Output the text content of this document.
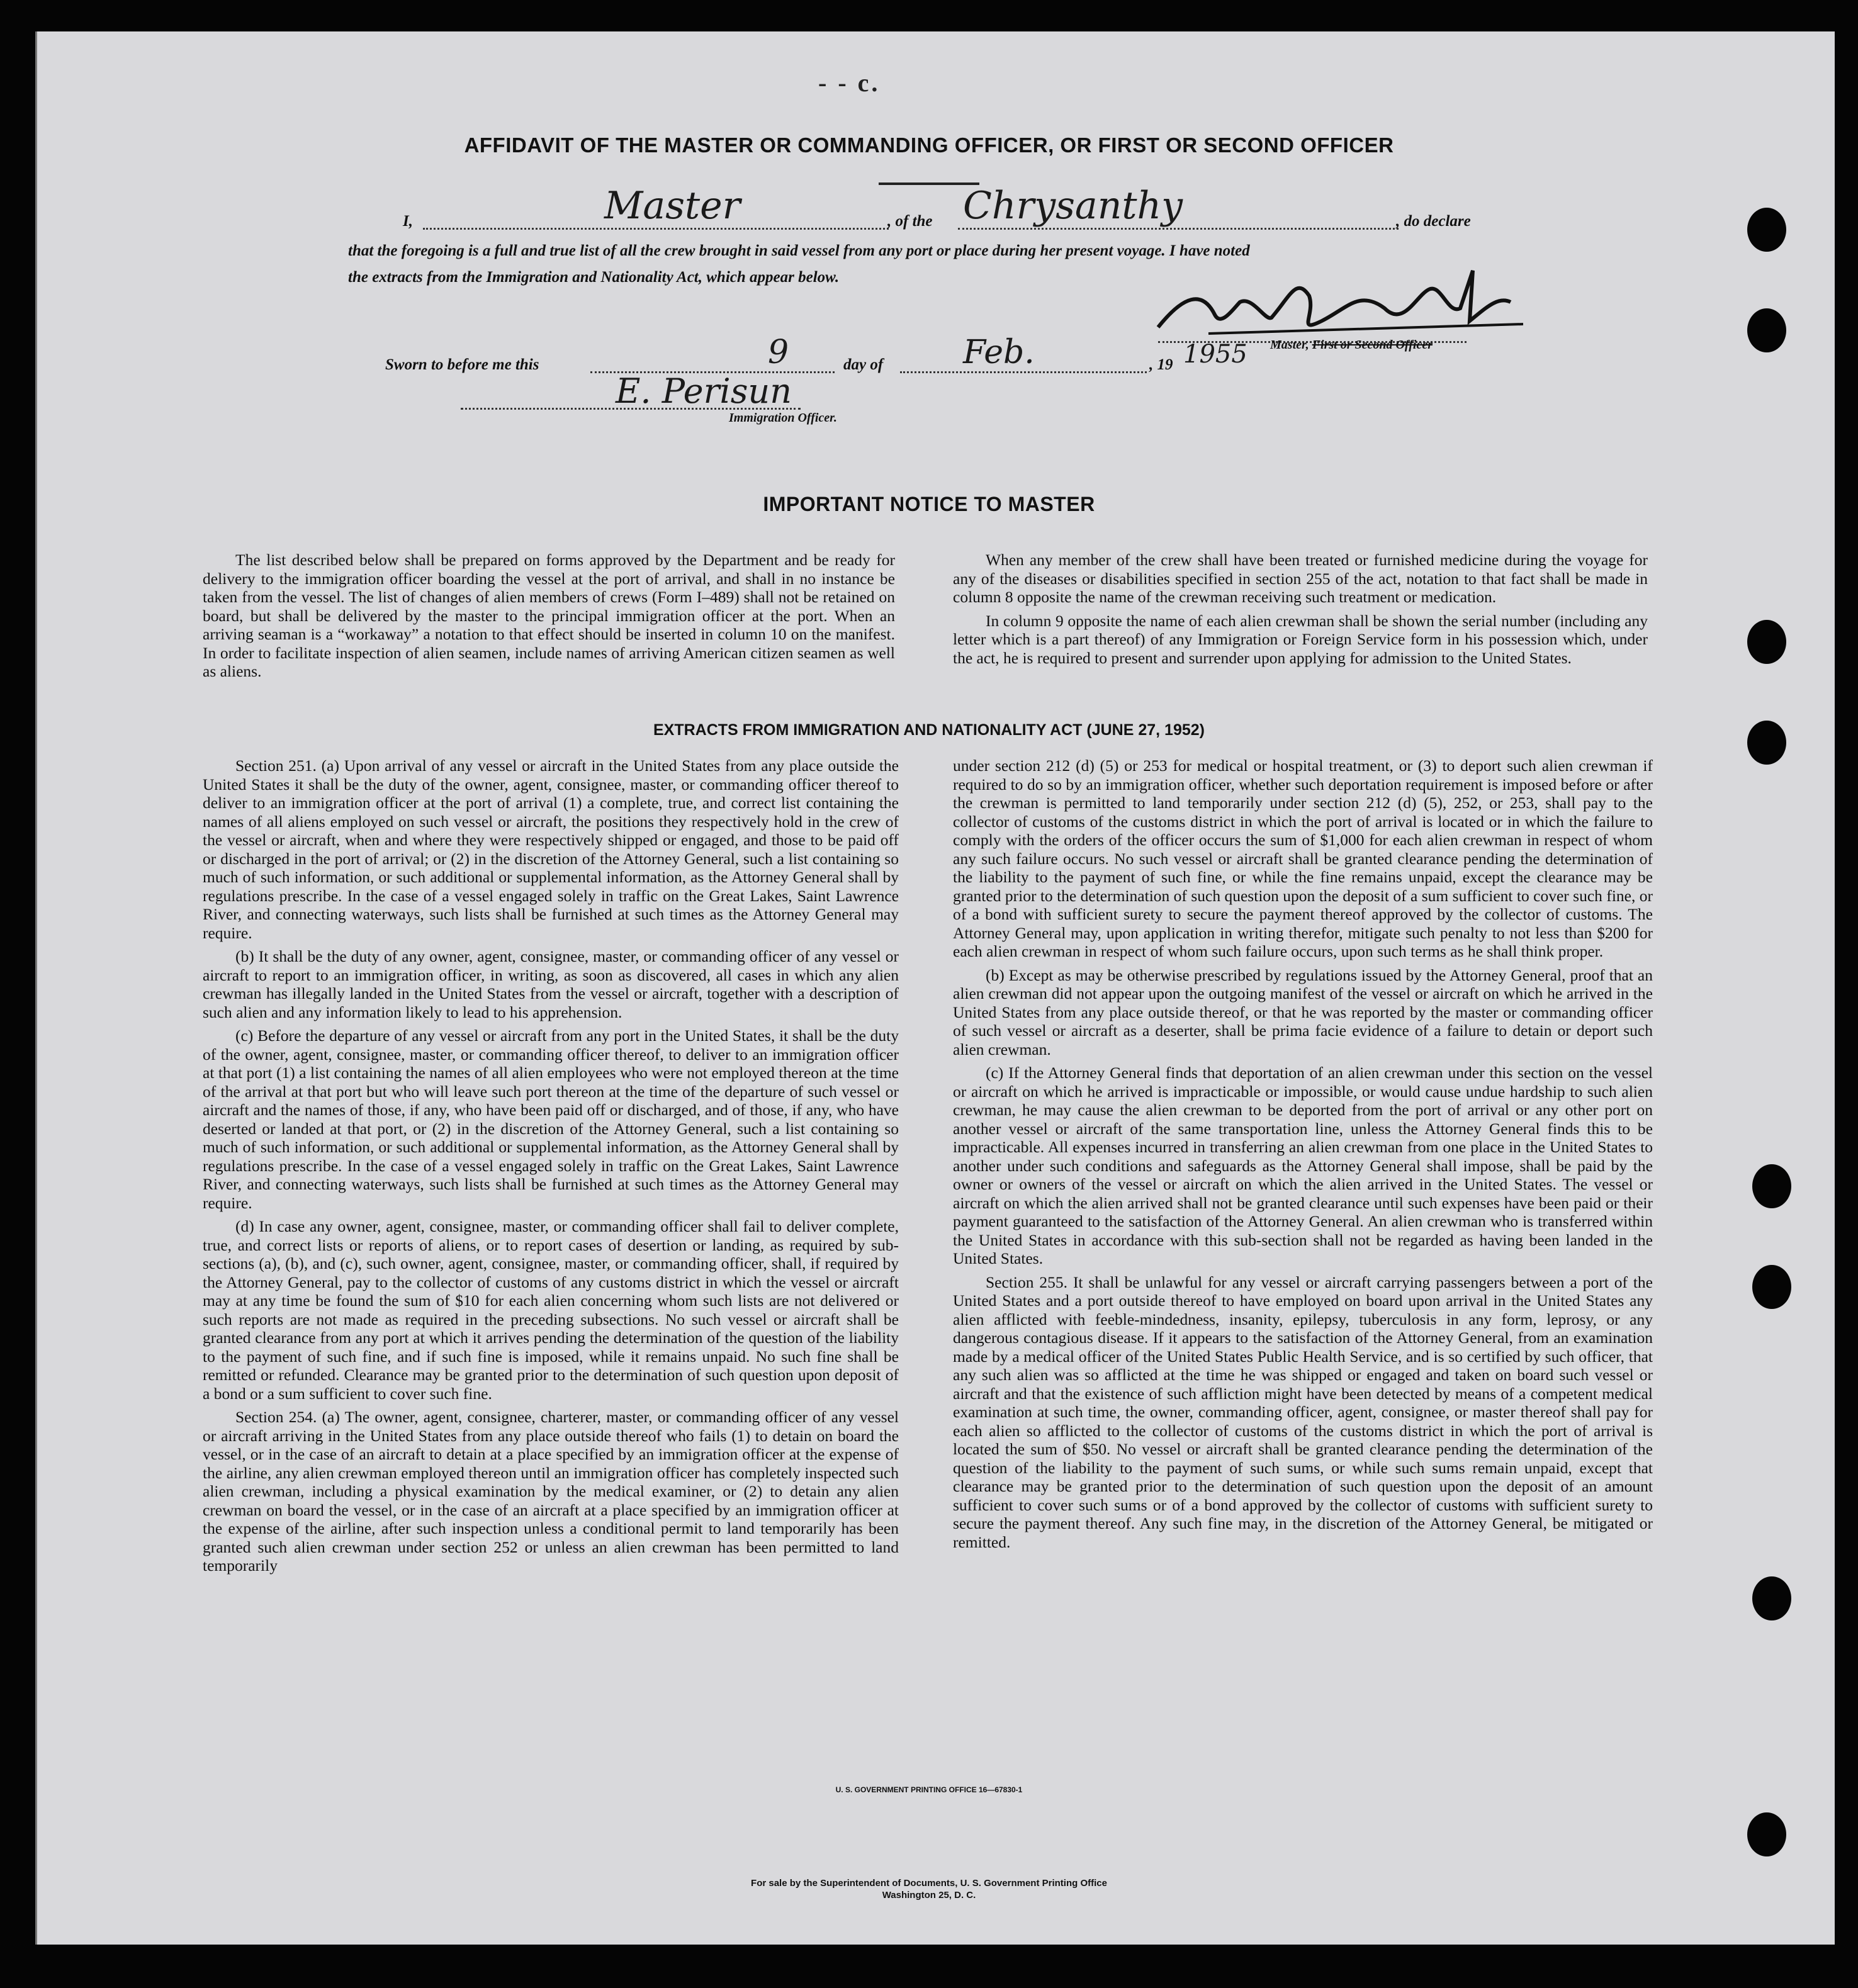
- - c.
AFFIDAVIT OF THE MASTER OR COMMANDING OFFICER, OR FIRST OR SECOND OFFICER
I,	Master	, of the Chrysanthy	, do declare
that the foregoing is a full and true list of all the crew brought in said vessel from any port or place during her present voyage. I have noted
the extracts from the Immigration and Nationality Act, which appear below.
Master, First or Second Officer
Sworn to before me this	9	day of Feb.	, 19 1955
E. Perisun
Immigration Officer.
IMPORTANT NOTICE TO MASTER

The list described below shall be prepared on forms approved by the Department and be ready for delivery to the immigration officer boarding the vessel at the port of arrival, and shall in no instance be taken from the vessel. The list of changes of alien members of crews (Form I–489) shall not be retained on board, but shall be delivered by the master to the principal immigration officer at the port. When an arriving seaman is a “workaway” a notation to that effect should be inserted in column 10 on the manifest. In order to facilitate inspection of alien seamen, include names of arriving American citizen seamen as well as aliens.

When any member of the crew shall have been treated or furnished medicine during the voyage for any of the diseases or disabilities specified in section 255 of the act, notation to that fact shall be made in column 8 opposite the name of the crewman receiving such treatment or medication.

In column 9 opposite the name of each alien crewman shall be shown the serial number (including any letter which is a part thereof) of any Immigration or Foreign Service form in his possession which, under the act, he is required to present and surrender upon applying for admission to the United States.

EXTRACTS FROM IMMIGRATION AND NATIONALITY ACT (JUNE 27, 1952)

Section 251. (a) Upon arrival of any vessel or aircraft in the United States from any place outside the United States it shall be the duty of the owner, agent, consignee, master, or commanding officer thereof to deliver to an immigration officer at the port of arrival (1) a complete, true, and correct list containing the names of all aliens employed on such vessel or aircraft, the positions they respectively hold in the crew of the vessel or aircraft, when and where they were respectively shipped or engaged, and those to be paid off or discharged in the port of arrival; or (2) in the discretion of the Attorney General, such a list containing so much of such information, or such additional or supplemental information, as the Attorney General shall by regulations prescribe. In the case of a vessel engaged solely in traffic on the Great Lakes, Saint Lawrence River, and connecting waterways, such lists shall be furnished at such times as the Attorney General may require.

(b) It shall be the duty of any owner, agent, consignee, master, or commanding officer of any vessel or aircraft to report to an immigration officer, in writing, as soon as discovered, all cases in which any alien crewman has illegally landed in the United States from the vessel or aircraft, together with a description of such alien and any information likely to lead to his apprehension.

(c) Before the departure of any vessel or aircraft from any port in the United States, it shall be the duty of the owner, agent, consignee, master, or commanding officer thereof, to deliver to an immigration officer at that port (1) a list containing the names of all alien employees who were not employed thereon at the time of the arrival at that port but who will leave such port thereon at the time of the departure of such vessel or aircraft and the names of those, if any, who have been paid off or discharged, and of those, if any, who have deserted or landed at that port, or (2) in the discretion of the Attorney General, such a list containing so much of such information, or such additional or supplemental information, as the Attorney General shall by regulations prescribe. In the case of a vessel engaged solely in traffic on the Great Lakes, Saint Lawrence River, and connecting waterways, such lists shall be furnished at such times as the Attorney General may require.

(d) In case any owner, agent, consignee, master, or commanding officer shall fail to deliver complete, true, and correct lists or reports of aliens, or to report cases of desertion or landing, as required by sub-sections (a), (b), and (c), such owner, agent, consignee, master, or commanding officer, shall, if required by the Attorney General, pay to the collector of customs of any customs district in which the vessel or aircraft may at any time be found the sum of $10 for each alien concerning whom such lists are not delivered or such reports are not made as required in the preceding subsections. No such vessel or aircraft shall be granted clearance from any port at which it arrives pending the determination of the question of the liability to the payment of such fine, and if such fine is imposed, while it remains unpaid. No such fine shall be remitted or refunded. Clearance may be granted prior to the determination of such question upon deposit of a bond or a sum sufficient to cover such fine.

Section 254. (a) The owner, agent, consignee, charterer, master, or commanding officer of any vessel or aircraft arriving in the United States from any place outside thereof who fails (1) to detain on board the vessel, or in the case of an aircraft to detain at a place specified by an immigration officer at the expense of the airline, any alien crewman employed thereon until an immigration officer has completely inspected such alien crewman, including a physical examination by the medical examiner, or (2) to detain any alien crewman on board the vessel, or in the case of an aircraft at a place specified by an immigration officer at the expense of the airline, after such inspection unless a conditional permit to land temporarily has been granted such alien crewman under section 252 or unless an alien crewman has been permitted to land temporarily

under section 212 (d) (5) or 253 for medical or hospital treatment, or (3) to deport such alien crewman if required to do so by an immigration officer, whether such deportation requirement is imposed before or after the crewman is permitted to land temporarily under section 212 (d) (5), 252, or 253, shall pay to the collector of customs of the customs district in which the port of arrival is located or in which the failure to comply with the orders of the officer occurs the sum of $1,000 for each alien crewman in respect of whom any such failure occurs. No such vessel or aircraft shall be granted clearance pending the determination of the liability to the payment of such fine, or while the fine remains unpaid, except the clearance may be granted prior to the determination of such question upon the deposit of a sum sufficient to cover such fine, or of a bond with sufficient surety to secure the payment thereof approved by the collector of customs. The Attorney General may, upon application in writing therefor, mitigate such penalty to not less than $200 for each alien crewman in respect of whom such failure occurs, upon such terms as he shall think proper.

(b) Except as may be otherwise prescribed by regulations issued by the Attorney General, proof that an alien crewman did not appear upon the outgoing manifest of the vessel or aircraft on which he arrived in the United States from any place outside thereof, or that he was reported by the master or commanding officer of such vessel or aircraft as a deserter, shall be prima facie evidence of a failure to detain or deport such alien crewman.

(c) If the Attorney General finds that deportation of an alien crewman under this section on the vessel or aircraft on which he arrived is impracticable or impossible, or would cause undue hardship to such alien crewman, he may cause the alien crewman to be deported from the port of arrival or any other port on another vessel or aircraft of the same transportation line, unless the Attorney General finds this to be impracticable. All expenses incurred in transferring an alien crewman from one place in the United States to another under such conditions and safeguards as the Attorney General shall impose, shall be paid by the owner or owners of the vessel or aircraft on which the alien arrived in the United States. The vessel or aircraft on which the alien arrived shall not be granted clearance until such expenses have been paid or their payment guaranteed to the satisfaction of the Attorney General. An alien crewman who is transferred within the United States in accordance with this sub-section shall not be regarded as having been landed in the United States.

Section 255. It shall be unlawful for any vessel or aircraft carrying passengers between a port of the United States and a port outside thereof to have employed on board upon arrival in the United States any alien afflicted with feeble-mindedness, insanity, epilepsy, tuberculosis in any form, leprosy, or any dangerous contagious disease. If it appears to the satisfaction of the Attorney General, from an examination made by a medical officer of the United States Public Health Service, and is so certified by such officer, that any such alien was so afflicted at the time he was shipped or engaged and taken on board such vessel or aircraft and that the existence of such affliction might have been detected by means of a competent medical examination at such time, the owner, commanding officer, agent, consignee, or master thereof shall pay for each alien so afflicted to the collector of customs of the customs district in which the port of arrival is located the sum of $50. No vessel or aircraft shall be granted clearance pending the determination of the question of the liability to the payment of such sums, or while such sums remain unpaid, except that clearance may be granted prior to the determination of such question upon the deposit of an amount sufficient to cover such sums or of a bond approved by the collector of customs with sufficient surety to secure the payment thereof. Any such fine may, in the discretion of the Attorney General, be mitigated or remitted.

U. S. GOVERNMENT PRINTING OFFICE 16—67830-1
For sale by the Superintendent of Documents, U. S. Government Printing Office
Washington 25, D. C.
